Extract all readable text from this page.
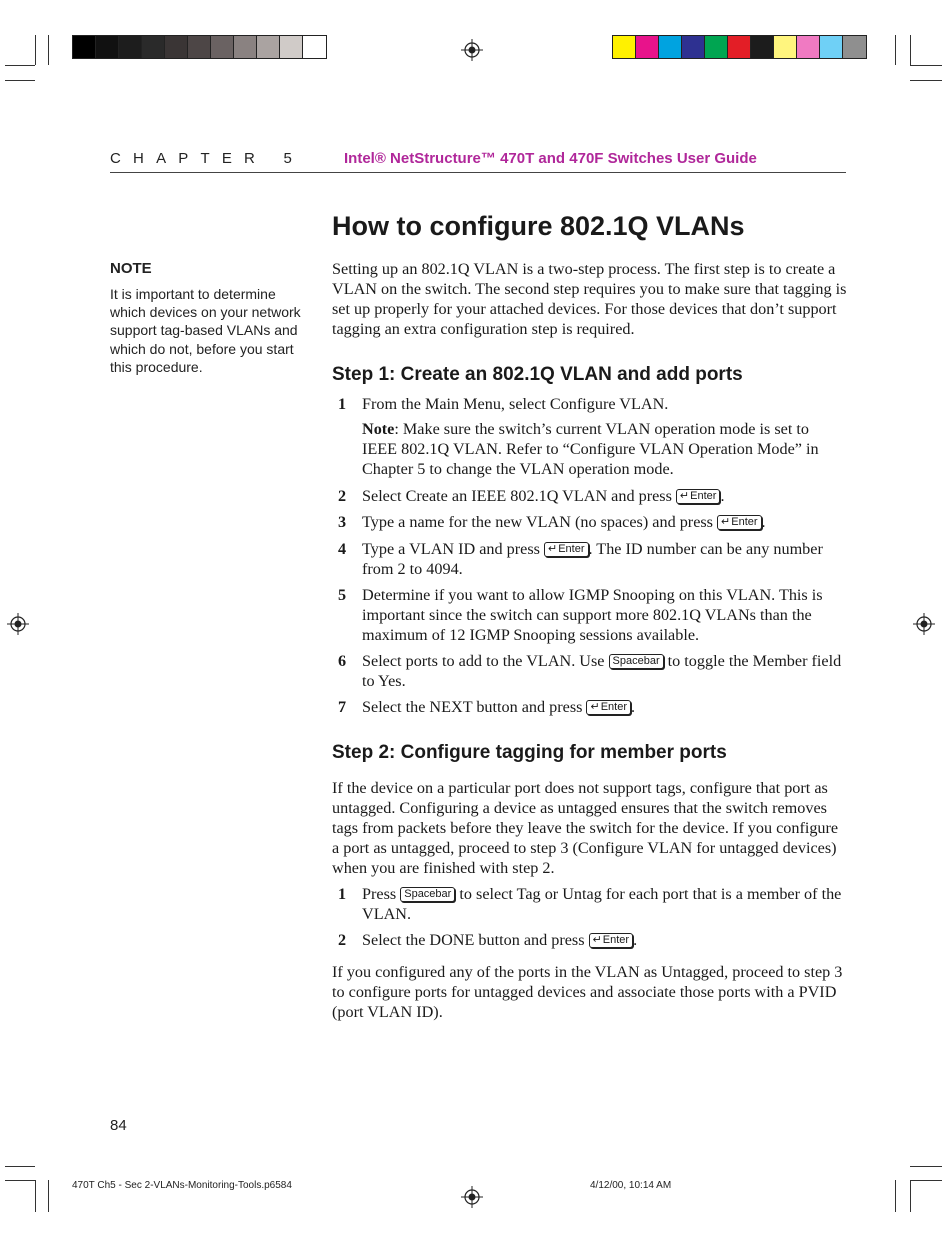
CHAPTER 5	Intel® NetStructure™ 470T and 470F Switches User Guide
NOTE
It is important to determine which devices on your network support tag-based VLANs and which do not, before you start this procedure.
How to configure 802.1Q VLANs
Setting up an 802.1Q VLAN is a two-step process. The first step is to create a VLAN on the switch. The second step requires you to make sure that tagging is set up properly for your attached devices. For those devices that don’t support tagging an extra configuration step is required.
Step 1: Create an 802.1Q VLAN and add ports
1 From the Main Menu, select Configure VLAN.
Note: Make sure the switch’s current VLAN operation mode is set to IEEE 802.1Q VLAN. Refer to “Configure VLAN Operation Mode” in Chapter 5 to change the VLAN operation mode.
2 Select Create an IEEE 802.1Q VLAN and press ↵Enter .
3 Type a name for the new VLAN (no spaces) and press ↵Enter .
4 Type a VLAN ID and press ↵Enter . The ID number can be any number from 2 to 4094.
5 Determine if you want to allow IGMP Snooping on this VLAN. This is important since the switch can support more 802.1Q VLANs than the maximum of 12 IGMP Snooping sessions available.
6 Select ports to add to the VLAN. Use Spacebar to toggle the Member field to Yes.
7 Select the NEXT button and press ↵Enter .
Step 2: Configure tagging for member ports
If the device on a particular port does not support tags, configure that port as untagged. Configuring a device as untagged ensures that the switch removes tags from packets before they leave the switch for the device. If you configure a port as untagged, proceed to step 3 (Configure VLAN for untagged devices) when you are finished with step 2.
1 Press Spacebar to select Tag or Untag for each port that is a member of the VLAN.
2 Select the DONE button and press ↵Enter .
If you configured any of the ports in the VLAN as Untagged, proceed to step 3 to configure ports for untagged devices and associate those ports with a PVID (port VLAN ID).
84
470T Ch5 - Sec 2-VLANs-Monitoring-Tools.p6584	4/12/00, 10:14 AM
